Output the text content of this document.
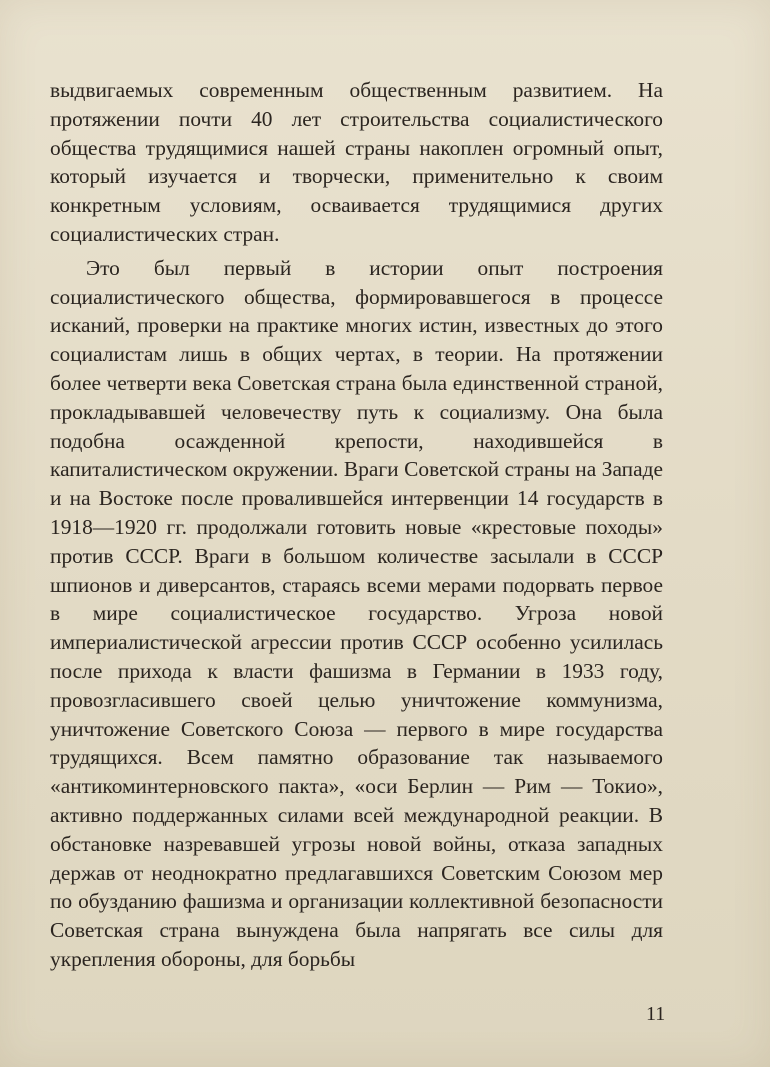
выдвигаемых современным общественным развитием. На протяжении почти 40 лет строительства социалистического общества трудящимися нашей страны накоплен огромный опыт, который изучается и творчески, применительно к своим конкретным условиям, осваивается трудящимися других социалистических стран.

Это был первый в истории опыт построения социалистического общества, формировавшегося в процессе исканий, проверки на практике многих истин, известных до этого социалистам лишь в общих чертах, в теории. На протяжении более четверти века Советская страна была единственной страной, прокладывавшей человечеству путь к социализму. Она была подобна осажденной крепости, находившейся в капиталистическом окружении. Враги Советской страны на Западе и на Востоке после провалившейся интервенции 14 государств в 1918—1920 гг. продолжали готовить новые «крестовые походы» против СССР. Враги в большом количестве засылали в СССР шпионов и диверсантов, стараясь всеми мерами подорвать первое в мире социалистическое государство. Угроза новой империалистической агрессии против СССР особенно усилилась после прихода к власти фашизма в Германии в 1933 году, провозгласившего своей целью уничтожение коммунизма, уничтожение Советского Союза — первого в мире государства трудящихся. Всем памятно образование так называемого «антикоминтерновского пакта», «оси Берлин — Рим — Токио», активно поддержанных силами всей международной реакции. В обстановке назревавшей угрозы новой войны, отказа западных держав от неоднократно предлагавшихся Советским Союзом мер по обузданию фашизма и организации коллективной безопасности Советская страна вынуждена была напрягать все силы для укрепления обороны, для борьбы

11
